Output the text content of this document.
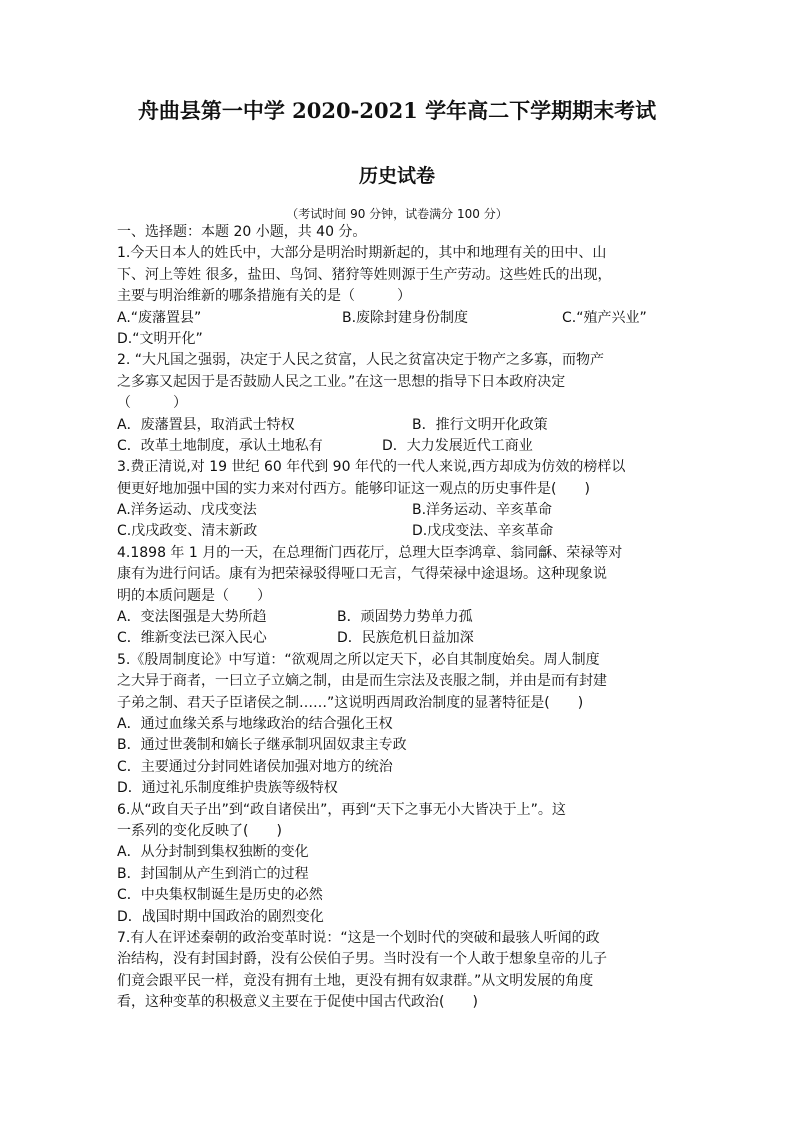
舟曲县第一中学 2020-2021 学年高二下学期期末考试
历史试卷
（考试时间 90 分钟，试卷满分 100 分）
一、选择题：本题 20 小题，共 40 分。
1.今天日本人的姓氏中，大部分是明治时期新起的，其中和地理有关的田中、山
下、河上等姓 很多，盐田、鸟饲、猪狩等姓则源于生产劳动。这些姓氏的出现，
主要与明治维新的哪条措施有关的是（　　　）
A.“废藩置县”	B.废除封建身份制度	C.“殖产兴业”
D.“文明开化”
2. “大凡国之强弱，决定于人民之贫富，人民之贫富决定于物产之多寡，而物产
之多寡又起因于是否鼓励人民之工业。”在这一思想的指导下日本政府决定
（　　　）
A．废藩置县，取消武士特权	B．推行文明开化政策
C．改革土地制度，承认土地私有	D．大力发展近代工商业
3.费正清说,对 19 世纪 60 年代到 90 年代的一代人来说,西方却成为仿效的榜样以
便更好地加强中国的实力来对付西方。能够印证这一观点的历史事件是(　　)
A.洋务运动、戊戌变法	B.洋务运动、辛亥革命
C.戊戌政变、清末新政	D.戊戌变法、辛亥革命
4.1898 年 1 月的一天，在总理衙门西花厅，总理大臣李鸿章、翁同龢、荣禄等对
康有为进行问话。康有为把荣禄驳得哑口无言，气得荣禄中途退场。这种现象说
明的本质问题是（　　）
A．变法图强是大势所趋	B．顽固势力势单力孤
C．维新变法已深入民心	D．民族危机日益加深
5.《殷周制度论》中写道：“欲观周之所以定天下，必自其制度始矣。周人制度
之大异于商者，一曰立子立嫡之制，由是而生宗法及丧服之制，并由是而有封建
子弟之制、君天子臣诸侯之制……”这说明西周政治制度的显著特征是(　　)
A．通过血缘关系与地缘政治的结合强化王权
B．通过世袭制和嫡长子继承制巩固奴隶主专政
C．主要通过分封同姓诸侯加强对地方的统治
D．通过礼乐制度维护贵族等级特权
6.从“政自天子出”到“政自诸侯出”，再到“天下之事无小大皆决于上”。这
一系列的变化反映了(　　)
A．从分封制到集权独断的变化
B．封国制从产生到消亡的过程
C．中央集权制诞生是历史的必然
D．战国时期中国政治的剧烈变化
7.有人在评述秦朝的政治变革时说：“这是一个划时代的突破和最骇人听闻的政
治结构，没有封国封爵，没有公侯伯子男。当时没有一个人敢于想象皇帝的儿子
们竟会跟平民一样，竟没有拥有土地，更没有拥有奴隶群。”从文明发展的角度
看，这种变革的积极意义主要在于促使中国古代政治(　　)
